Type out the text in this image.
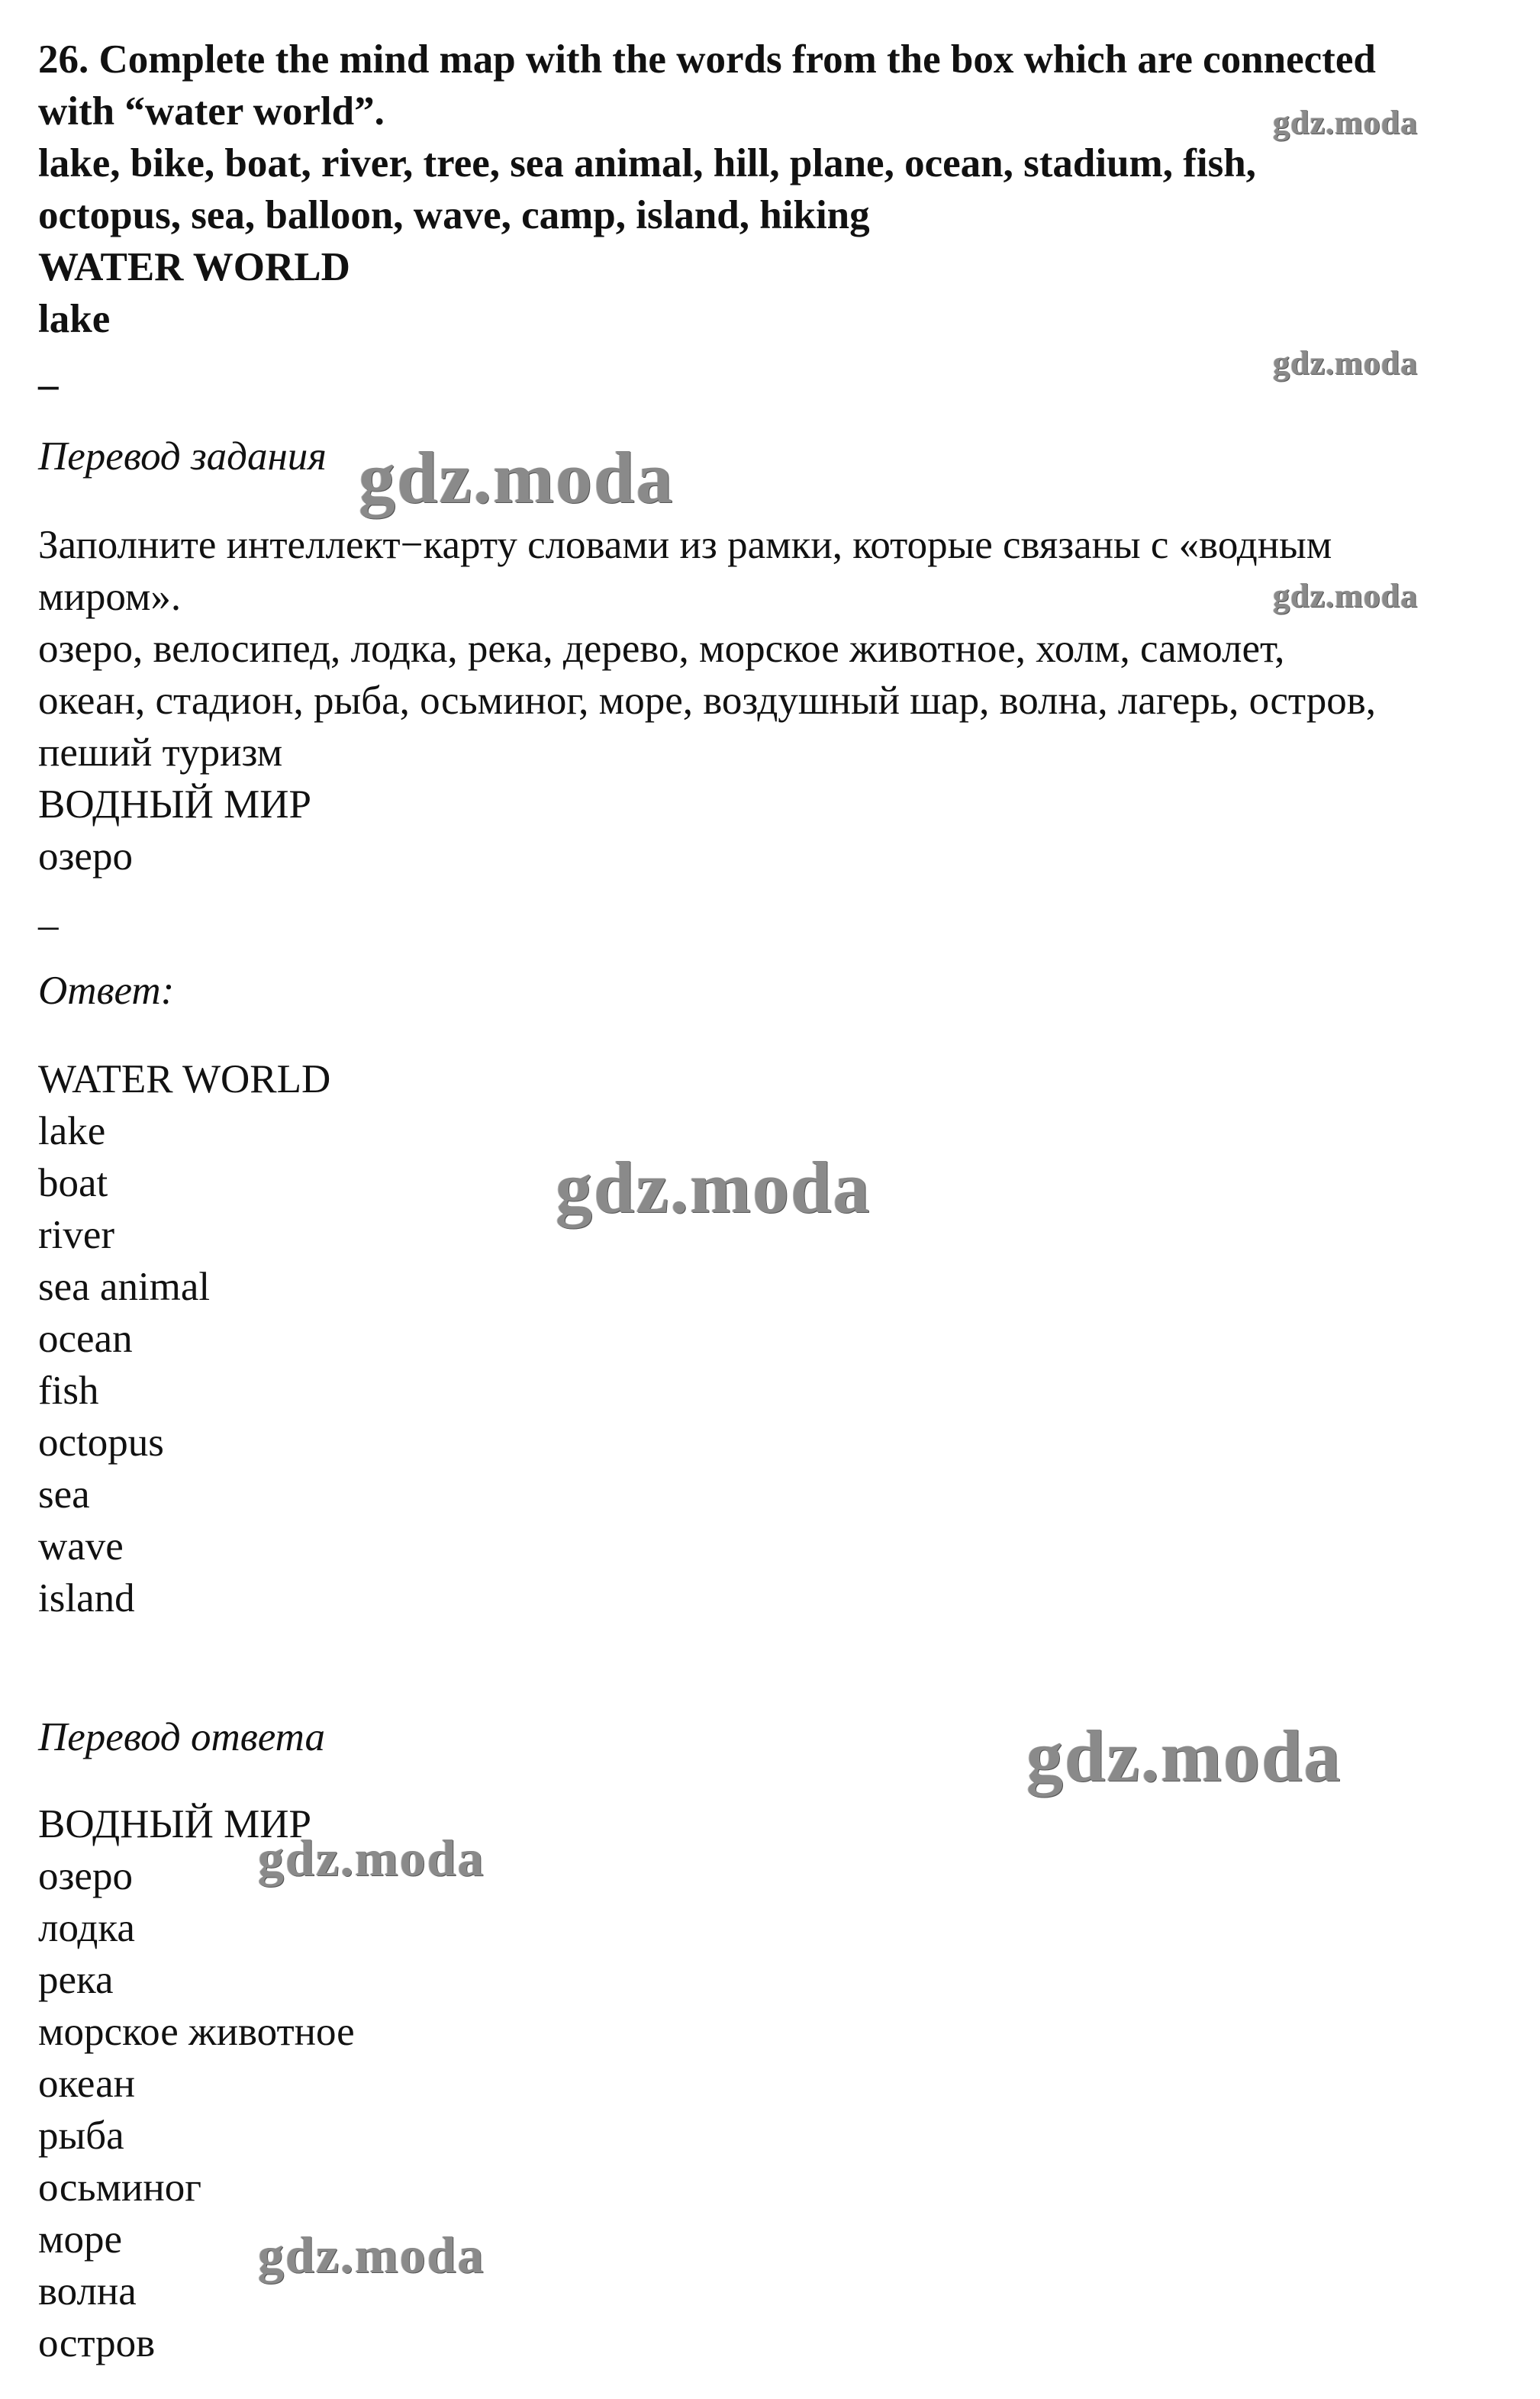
26. Complete the mind map with the words from the box which are connected
with “water world”.
lake, bike, boat, river, tree, sea animal, hill, plane, ocean, stadium, fish,
octopus, sea, balloon, wave, camp, island, hiking
WATER WORLD
lake
–
Перевод задания
Заполните интеллект−карту словами из рамки, которые связаны с «водным
миром».
озеро, велосипед, лодка, река, дерево, морское животное, холм, самолет,
океан, стадион, рыба, осьминог, море, воздушный шар, волна, лагерь, остров,
пеший туризм
ВОДНЫЙ МИР
озеро
–
Ответ:
WATER WORLD
lake
boat
river
sea animal
ocean
fish
octopus
sea
wave
island
Перевод ответа
ВОДНЫЙ МИР
озеро
лодка
река
морское животное
океан
рыба
осьминог
море
волна
остров
gdz.moda
gdz.moda
gdz.moda
gdz.moda
gdz.moda
gdz.moda
gdz.moda
gdz.moda
